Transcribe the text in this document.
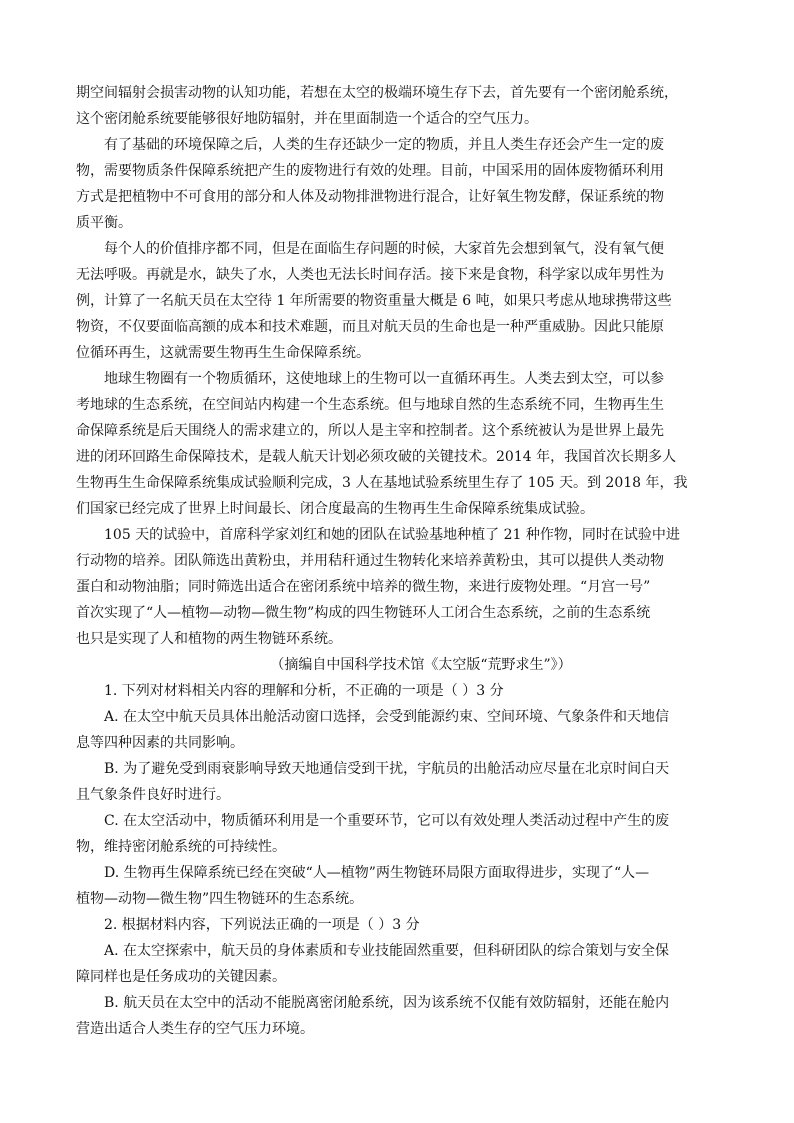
期空间辐射会损害动物的认知功能，若想在太空的极端环境生存下去，首先要有一个密闭舱系统，
这个密闭舱系统要能够很好地防辐射，并在里面制造一个适合的空气压力。
有了基础的环境保障之后，人类的生存还缺少一定的物质，并且人类生存还会产生一定的废
物，需要物质条件保障系统把产生的废物进行有效的处理。目前，中国采用的固体废物循环利用
方式是把植物中不可食用的部分和人体及动物排泄物进行混合，让好氧生物发酵，保证系统的物
质平衡。
每个人的价值排序都不同，但是在面临生存问题的时候，大家首先会想到氧气，没有氧气便
无法呼吸。再就是水，缺失了水，人类也无法长时间存活。接下来是食物，科学家以成年男性为
例，计算了一名航天员在太空待 1 年所需要的物资重量大概是 6 吨，如果只考虑从地球携带这些
物资，不仅要面临高额的成本和技术难题，而且对航天员的生命也是一种严重威胁。因此只能原
位循环再生，这就需要生物再生生命保障系统。
地球生物圈有一个物质循环，这使地球上的生物可以一直循环再生。人类去到太空，可以参
考地球的生态系统，在空间站内构建一个生态系统。但与地球自然的生态系统不同，生物再生生
命保障系统是后天围绕人的需求建立的，所以人是主宰和控制者。这个系统被认为是世界上最先
进的闭环回路生命保障技术，是载人航天计划必须攻破的关键技术。2014 年，我国首次长期多人
生物再生生命保障系统集成试验顺利完成，3 人在基地试验系统里生存了 105 天。到 2018 年，我
们国家已经完成了世界上时间最长、闭合度最高的生物再生生命保障系统集成试验。
105 天的试验中，首席科学家刘红和她的团队在试验基地种植了 21 种作物，同时在试验中进
行动物的培养。团队筛选出黄粉虫，并用秸秆通过生物转化来培养黄粉虫，其可以提供人类动物
蛋白和动物油脂；同时筛选出适合在密闭系统中培养的微生物，来进行废物处理。“月宫一号”
首次实现了“人—植物—动物—微生物”构成的四生物链环人工闭合生态系统，之前的生态系统
也只是实现了人和植物的两生物链环系统。
（摘编自中国科学技术馆《太空版“荒野求生”》）
1. 下列对材料相关内容的理解和分析，不正确的一项是（ ）3 分
A. 在太空中航天员具体出舱活动窗口选择，会受到能源约束、空间环境、气象条件和天地信
息等四种因素的共同影响。
B. 为了避免受到雨衰影响导致天地通信受到干扰，宇航员的出舱活动应尽量在北京时间白天
且气象条件良好时进行。
C. 在太空活动中，物质循环利用是一个重要环节，它可以有效处理人类活动过程中产生的废
物，维持密闭舱系统的可持续性。
D. 生物再生保障系统已经在突破“人—植物”两生物链环局限方面取得进步，实现了“人—
植物—动物—微生物”四生物链环的生态系统。
2. 根据材料内容，下列说法正确的一项是（ ）3 分
A. 在太空探索中，航天员的身体素质和专业技能固然重要，但科研团队的综合策划与安全保
障同样也是任务成功的关键因素。
B. 航天员在太空中的活动不能脱离密闭舱系统，因为该系统不仅能有效防辐射，还能在舱内
营造出适合人类生存的空气压力环境。
